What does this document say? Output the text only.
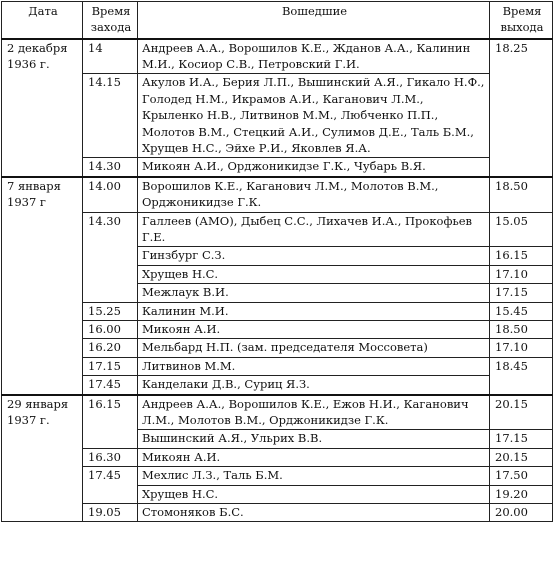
Дата	Время захода	Вошедшие	Время выхода
2 декабря 1936 г.	14	Андреев А.А., Ворошилов К.Е., Жданов А.А., Калинин М.И., Косиор С.В., Петровский Г.И.	18.25
	14.15	Акулов И.А., Берия Л.П., Вышинский А.Я., Гикало Н.Ф., Голодед Н.М., Икрамов А.И., Каганович Л.М., Крыленко Н.В., Литвинов М.М., Любченко П.П., Молотов В.М., Стецкий А.И., Сулимов Д.Е., Таль Б.М., Хрущев Н.С., Эйхе Р.И., Яковлев Я.А.	
	14.30	Микоян А.И., Орджоникидзе Г.К., Чубарь В.Я.	
7 января 1937 г	14.00	Ворошилов К.Е., Каганович Л.М., Молотов В.М., Орджоникидзе Г.К.	18.50
	14.30	Галлеев (АМО), Дыбец С.С., Лихачев И.А., Прокофьев Г.Е.	15.05
		Гинзбург С.З.	16.15
		Хрущев Н.С.	17.10
		Межлаук В.И.	17.15
	15.25	Калинин М.И.	15.45
	16.00	Микоян А.И.	18.50
	16.20	Мельбард Н.П. (зам. председателя Моссовета)	17.10
	17.15	Литвинов М.М.	18.45
	17.45	Канделаки Д.В., Суриц Я.З.	
29 января 1937 г.	16.15	Андреев А.А., Ворошилов К.Е., Ежов Н.И., Каганович Л.М., Молотов В.М., Орджоникидзе Г.К.	20.15
		Вышинский А.Я., Ульрих В.В.	17.15
	16.30	Микоян А.И.	20.15
	17.45	Мехлис Л.З., Таль Б.М.	17.50
		Хрущев Н.С.	19.20
	19.05	Стомоняков Б.С.	20.00
